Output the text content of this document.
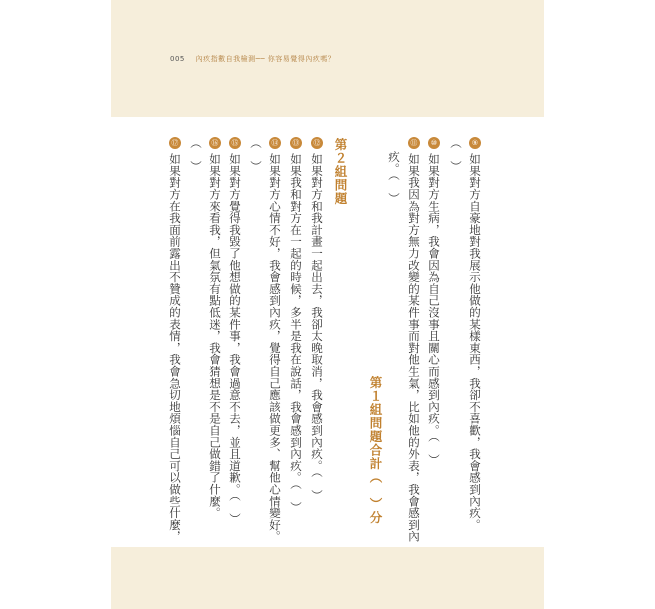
005 內疚指數自我檢測── 你容易覺得內疚嗎？
⑨如果對方自豪地對我展示他做的某樣東西，我卻不喜歡，我會感到內疚。
（　）
⑩如果對方生病，我會因為自己沒事且關心而感到內疚。（　）
⑪如果我因為對方無力改變的某件事而對他生氣，比如他的外表，我會感到內
疚。（　）
第１組問題合計（　）分
第２組問題
⑫如果對方和我計畫一起出去，我卻太晚取消，我會感到內疚。（　）
⑬如果我和對方在一起的時候，多半是我在說話，我會感到內疚。（　）
⑭如果對方心情不好，我會感到內疚，覺得自己應該做更多、幫他心情變好。
（　）
⑮如果對方覺得我毀了他想做的某件事，我會過意不去，並且道歉。（　）
⑯如果對方來看我，但氣氛有點低迷，我會猜想是不是自己做錯了什麼。
（　）
⑰如果對方在我面前露出不贊成的表情，我會急切地煩惱自己可以做些什麼，
